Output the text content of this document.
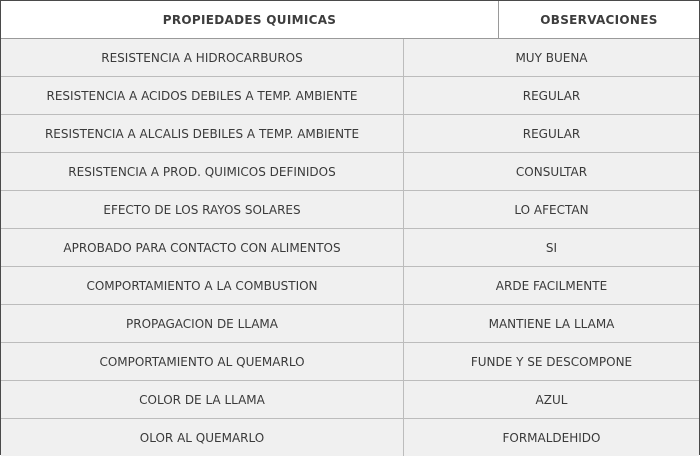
PROPIEDADES QUIMICAS	OBSERVACIONES
RESISTENCIA A HIDROCARBUROS	MUY BUENA
RESISTENCIA A ACIDOS DEBILES A TEMP. AMBIENTE	REGULAR
RESISTENCIA A ALCALIS DEBILES A TEMP. AMBIENTE	REGULAR
RESISTENCIA A PROD. QUIMICOS DEFINIDOS	CONSULTAR
EFECTO DE LOS RAYOS SOLARES	LO AFECTAN
APROBADO PARA CONTACTO CON ALIMENTOS	SI
COMPORTAMIENTO A LA COMBUSTION	ARDE FACILMENTE
PROPAGACION DE LLAMA	MANTIENE LA LLAMA
COMPORTAMIENTO AL QUEMARLO	FUNDE Y SE DESCOMPONE
COLOR DE LA LLAMA	AZUL
OLOR AL QUEMARLO	FORMALDEHIDO
